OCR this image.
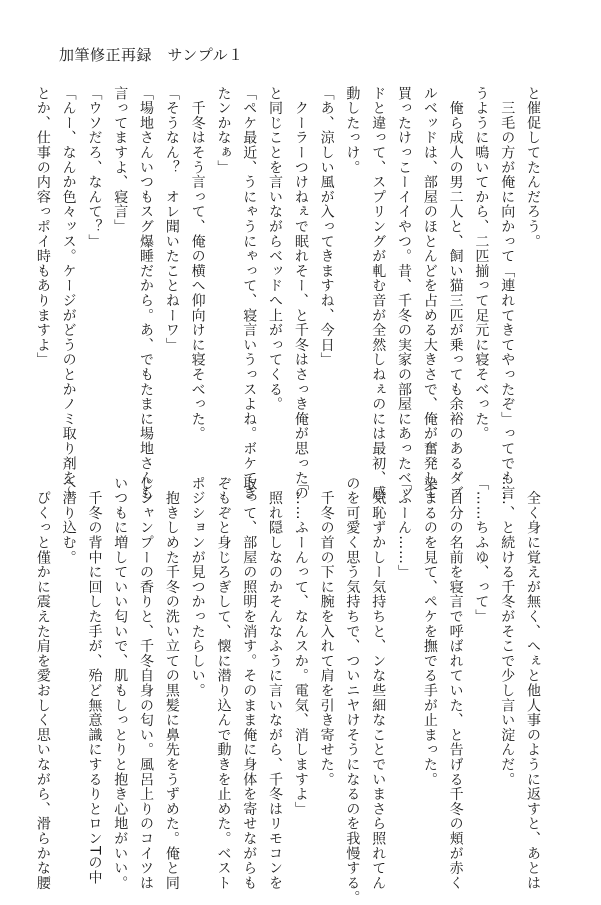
加筆修正再録　サンプル１
と催促してたんだろう。
　三毛の方が俺に向かって「連れてきてやったぞ」ってでも言
うように鳴いてから、二匹揃って足元に寝そべった。
　俺ら成人の男二人と、飼い猫三匹が乗っても余裕のあるダブ
ルベッドは、部屋のほとんどを占める大きさで、俺が奮発して
買ったけっこーイイやつ。昔、千冬の実家の部屋にあったベッ
ドと違って、スプリングが軋む音が全然しねぇのには最初、感
動したっけ。
「あ、涼しい風が入ってきますね、今日」
　クーラーつけねぇで眠れそー、と千冬はさっき俺が思ったの
と同じことを言いながらベッドへ上がってくる。
「ペケ最近、うにゃうにゃって、寝言いうっスよね。ボケてき
たンかなぁ」
　千冬はそう言って、俺の横へ仰向けに寝そべった。
「そうなん？　オレ聞いたことねーワ」
「場地さんいつもスグ爆睡だから。あ、でもたまに場地さんも
言ってますよ、寝言」
「ウソだろ、なんて？」
「んー、なんか色々ッス。ケージがどうのとかノミ取り剤を～
とか、仕事の内容っポイ時もありますよ」
　全く身に覚えが無く、へぇと他人事のように返すと、あとは
……、と続ける千冬がそこで少し言い淀んだ。
「……ちふゆ、って」
　自分の名前を寝言で呼ばれていた、と告げる千冬の頬が赤く
染まるのを見て、ペケを撫でる手が止まった。
「ふーん……」
　気恥ずかしー気持ちと、ンな些細なことでいまさら照れてん
のを可愛く思う気持ちで、ついニヤけそうになるのを我慢する。
　千冬の首の下に腕を入れて肩を引き寄せた。
「……ふーんって、なんスか。電気、消しますよ」
　照れ隠しなのかそんなふうに言いながら、千冬はリモコンを
取って、部屋の照明を消す。そのまま俺に身体を寄せながらも
ぞもぞと身じろぎして、懐に潜り込んで動きを止めた。ベスト
ポジションが見つかったらしい。
　抱きしめた千冬の洗い立ての黒髪に鼻先をうずめた。俺と同
じシャンプーの香りと、千冬自身の匂い。風呂上りのコイツは
いつもに増していい匂いで、肌もしっとりと抱き心地がいい。
　千冬の背中に回した手が、殆ど無意識にするりとロンTの中
へ潜り込む。
　ぴくっと僅かに震えた肩を愛おしく思いながら、滑らかな腰
